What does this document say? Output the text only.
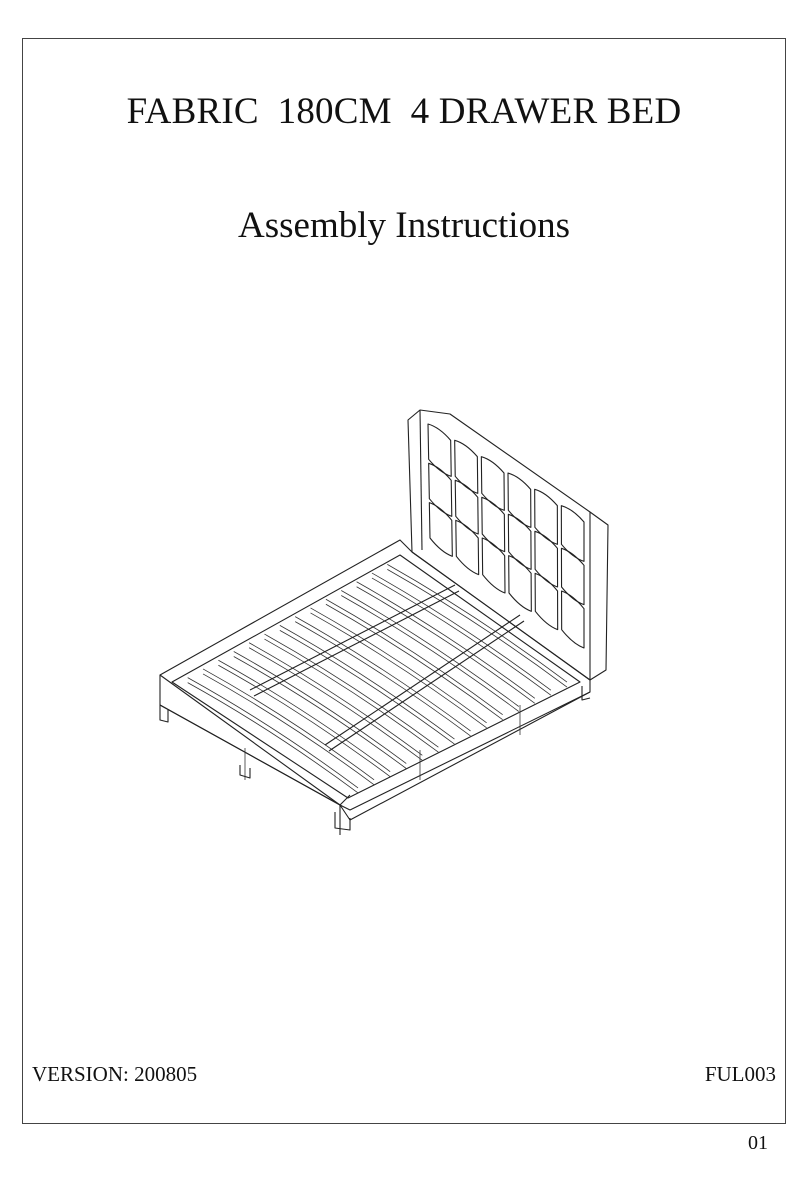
FABRIC  180CM  4 DRAWER BED
Assembly Instructions
VERSION: 200805	FUL003
01
